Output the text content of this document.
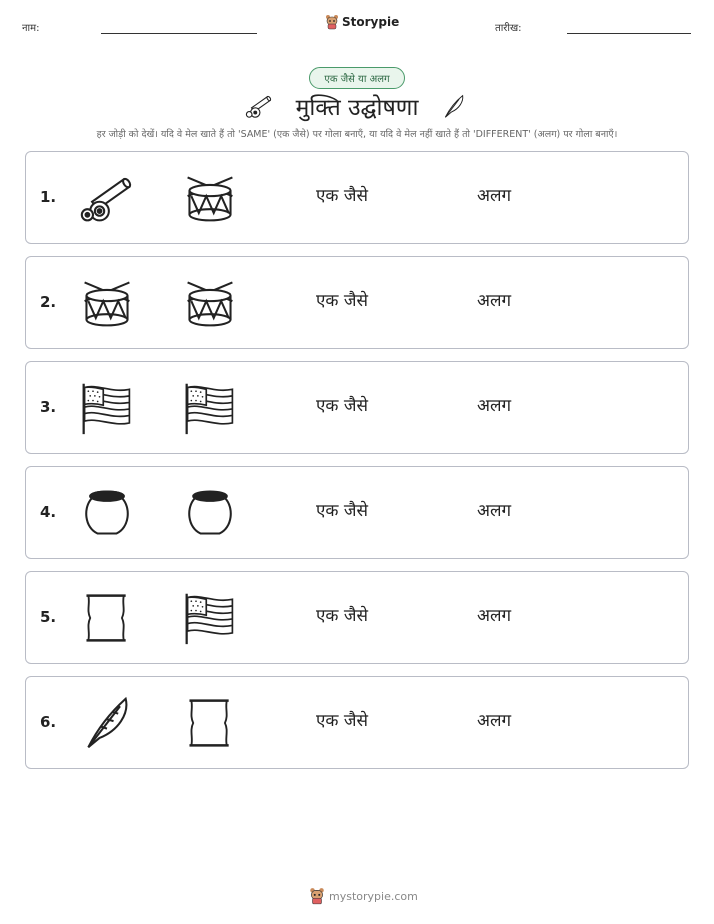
नाम:	Storypie	तारीख:
एक जैसे या अलग
मुक्ति उद्घोषणा
हर जोड़ी को देखें। यदि वे मेल खाते हैं तो 'SAME' (एक जैसे) पर गोला बनाएँ, या यदि वे मेल नहीं खाते हैं तो 'DIFFERENT' (अलग) पर गोला बनाएँ।
1.	एक जैसे	अलग
2.	एक जैसे	अलग
3.	एक जैसे	अलग
4.	एक जैसे	अलग
5.	एक जैसे	अलग
6.	एक जैसे	अलग
mystorypie.com
